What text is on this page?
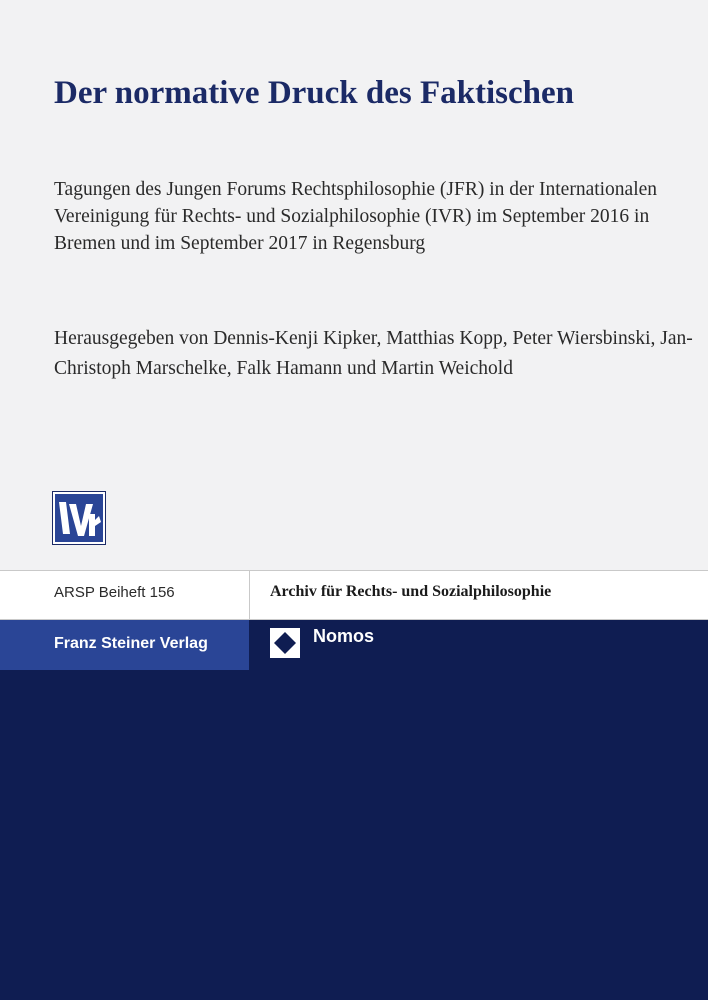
Der normative Druck des Faktischen

Tagungen des Jungen Forums Rechtsphilosophie (JFR) in der Internationalen Vereinigung für Rechts- und Sozialphilosophie (IVR) im September 2016 in Bremen und im September 2017 in Regensburg

Herausgegeben von Dennis-Kenji Kipker, Matthias Kopp, Peter Wiersbinski, Jan-Christoph Marschelke, Falk Hamann und Martin Weichold

ARSP Beiheft 156	Archiv für Rechts- und Sozialphilosophie
Franz Steiner Verlag	Nomos
